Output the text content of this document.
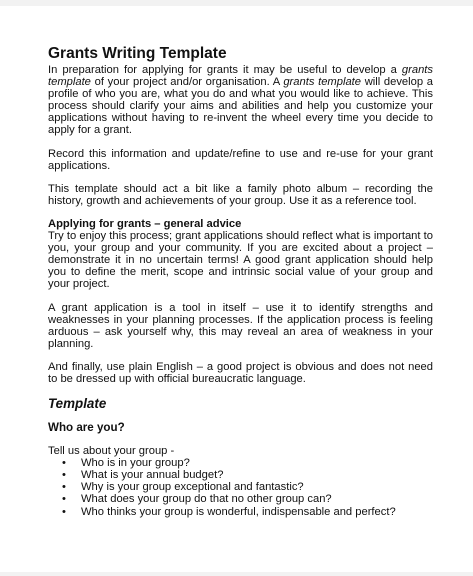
Grants Writing Template

In preparation for applying for grants it may be useful to develop a grants template of your project and/or organisation. A grants template will develop a profile of who you are, what you do and what you would like to achieve. This process should clarify your aims and abilities and help you customize your applications without having to re-invent the wheel every time you decide to apply for a grant.

Record this information and update/refine to use and re-use for your grant applications.

This template should act a bit like a family photo album – recording the history, growth and achievements of your group. Use it as a reference tool.

Applying for grants – general advice

Try to enjoy this process; grant applications should reflect what is important to you, your group and your community. If you are excited about a project – demonstrate it in no uncertain terms! A good grant application should help you to define the merit, scope and intrinsic social value of your group and your project.

A grant application is a tool in itself – use it to identify strengths and weaknesses in your planning processes. If the application process is feeling arduous – ask yourself why, this may reveal an area of weakness in your planning.

And finally, use plain English – a good project is obvious and does not need to be dressed up with official bureaucratic language.

Template

Who are you?

Tell us about your group -

• Who is in your group?
• What is your annual budget?
• Why is your group exceptional and fantastic?
• What does your group do that no other group can?
• Who thinks your group is wonderful, indispensable and perfect?
